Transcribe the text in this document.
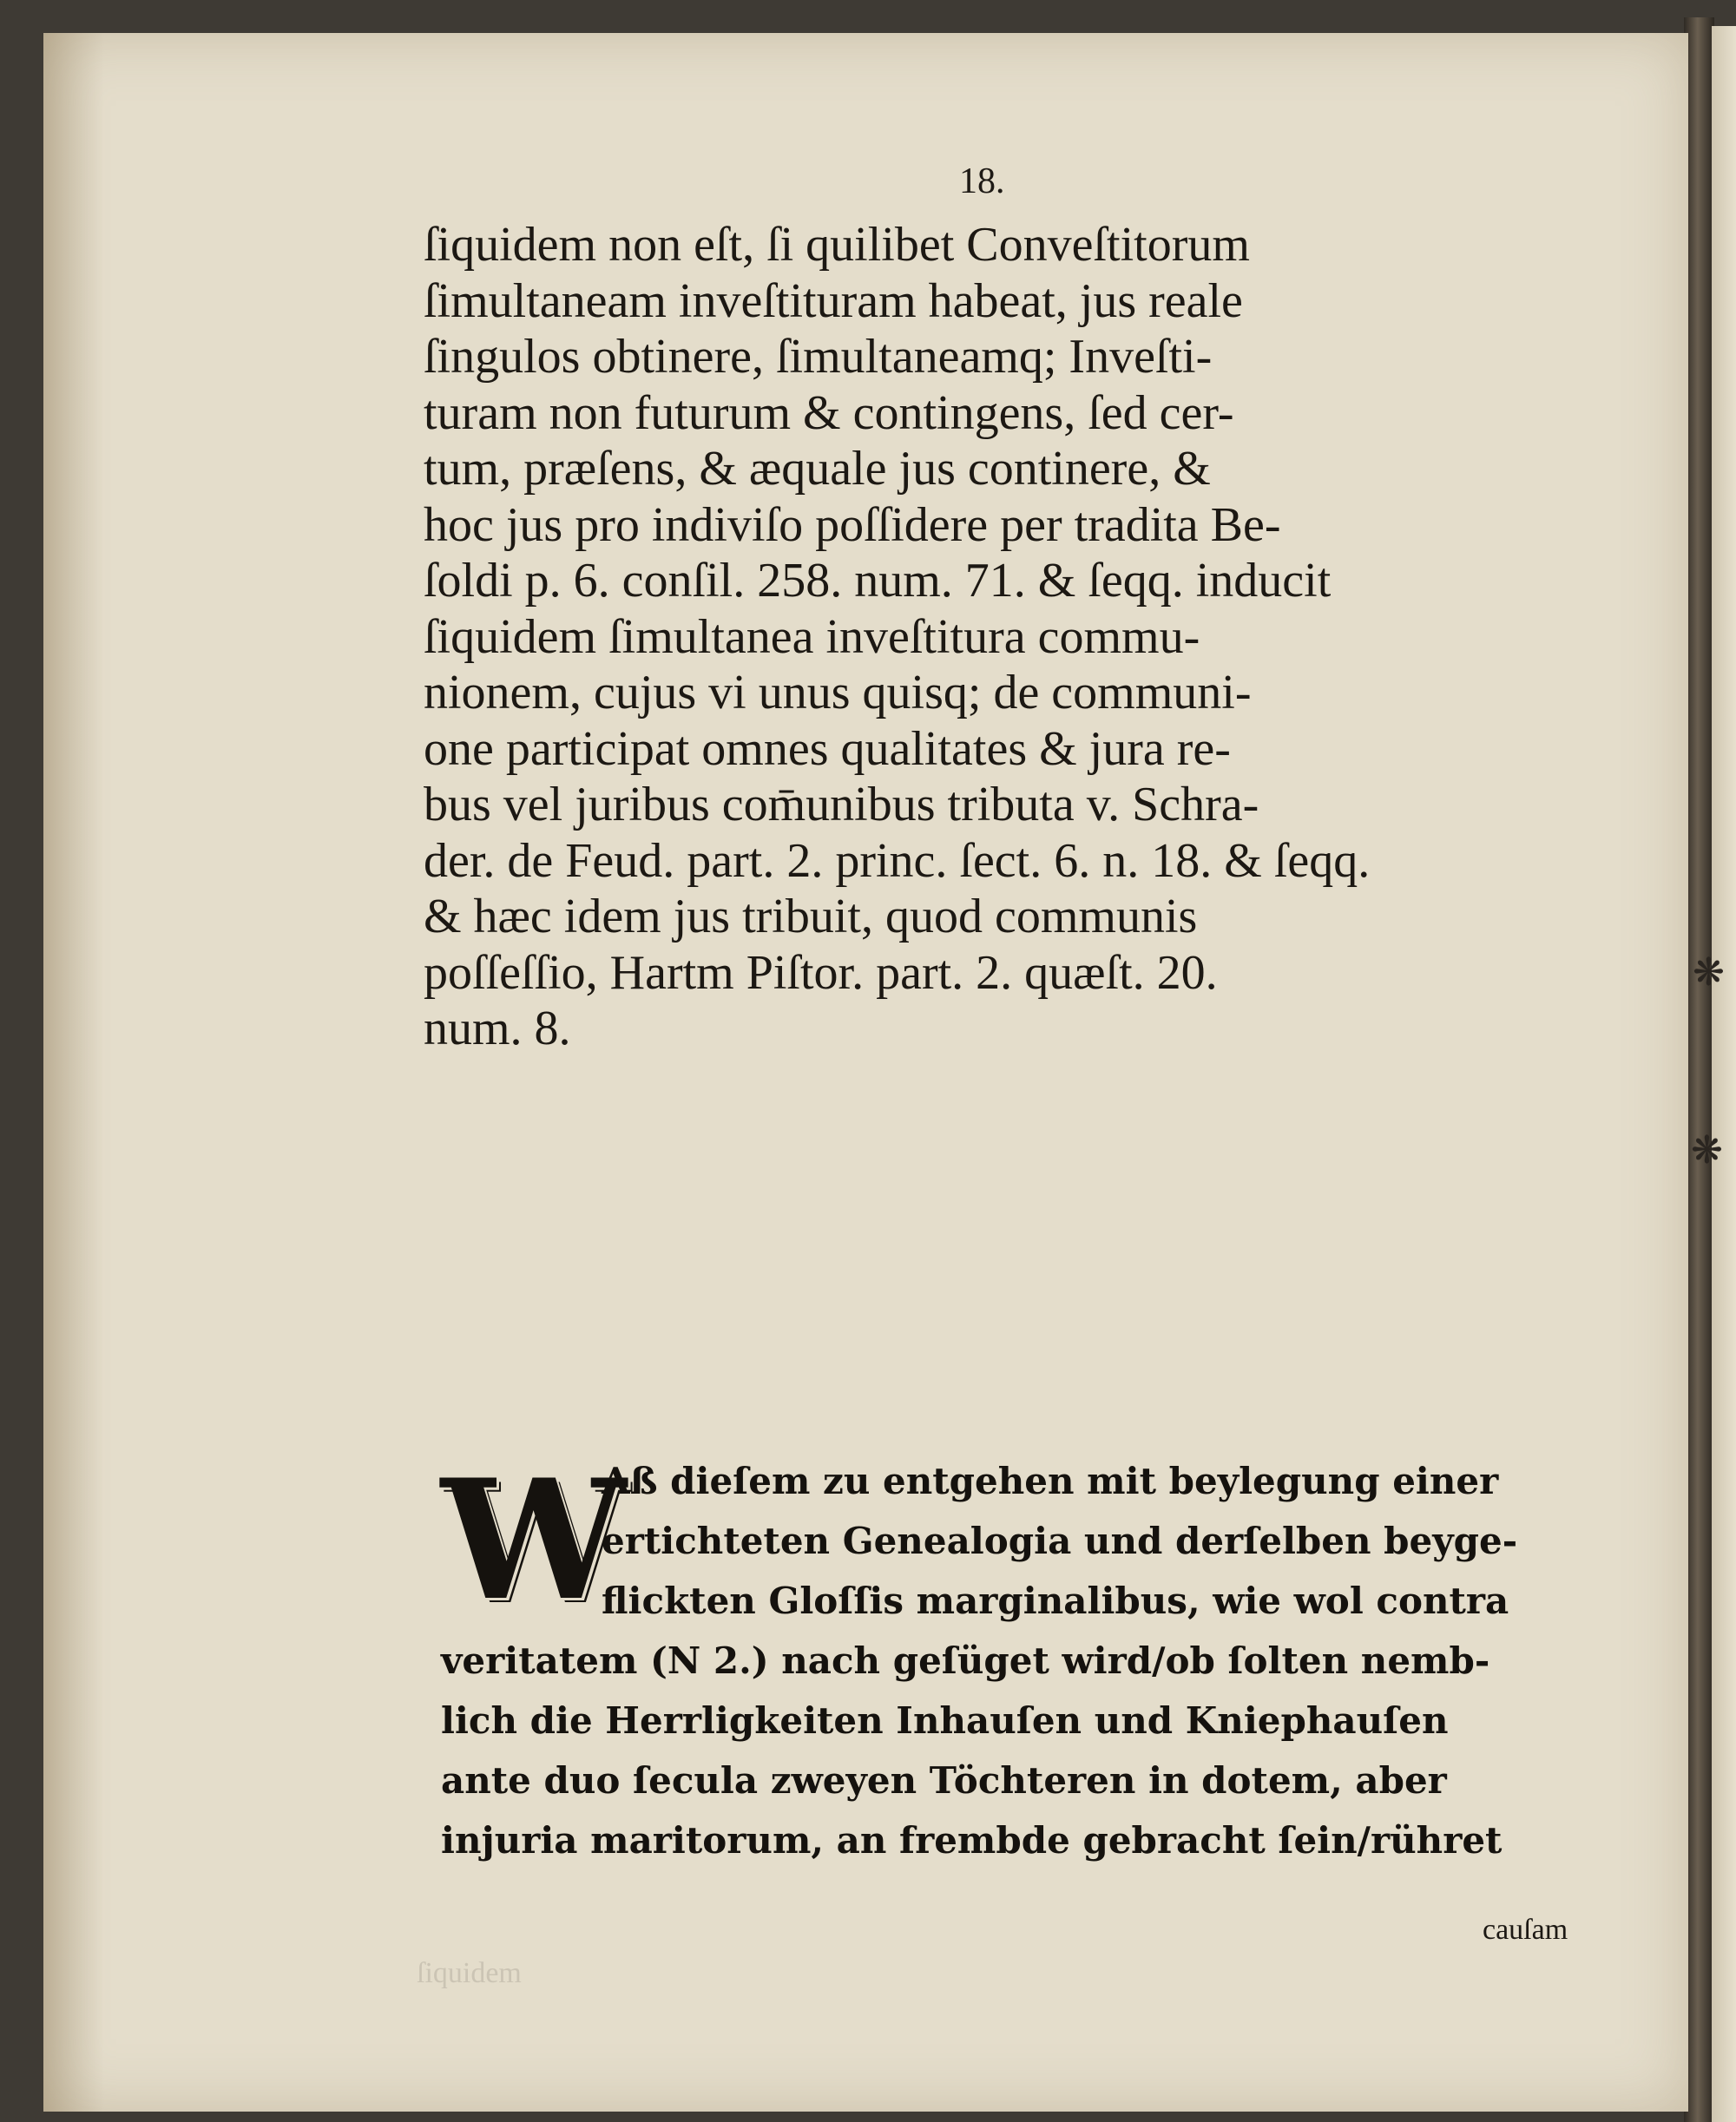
18.
ſiquidem non eſt, ſi quilibet Conveſtitorum
ſimultaneam inveſtituram habeat, jus reale
ſingulos obtinere, ſimultaneamq; Inveſti-
turam non futurum & contingens, ſed cer-
tum, præſens, & æquale jus continere, &
hoc jus pro indiviſo poſſidere per tradita Be-
ſoldi p. 6. conſil. 258. num. 71. & ſeqq. inducit
ſiquidem ſimultanea inveſtitura commu-
nionem, cujus vi unus quisq; de communi-
one participat omnes qualitates & jura re-
bus vel juribus com̄unibus tributa v. Schra-
der. de Feud. part. 2. princ. ſect. 6. n. 18. & ſeqq.
& hæc idem jus tribuit, quod communis
poſſeſſio, Hartm Piſtor. part. 2. quæſt. 20.
num. 8.
W
Aß dieſem zu entgehen mit beylegung einer
ertichteten Genealogia und derſelben beyge-
flickten Gloſſis marginalibus, wie wol contra
veritatem (N 2.) nach geſüget wird/ob ſolten nemb-
lich die Herrligkeiten Inhauſen und Kniephauſen
ante duo ſecula zweyen Töchteren in dotem, aber
injuria maritorum, an frembde gebracht ſein/rühret
cauſam
ſiquidem
❋
❋
